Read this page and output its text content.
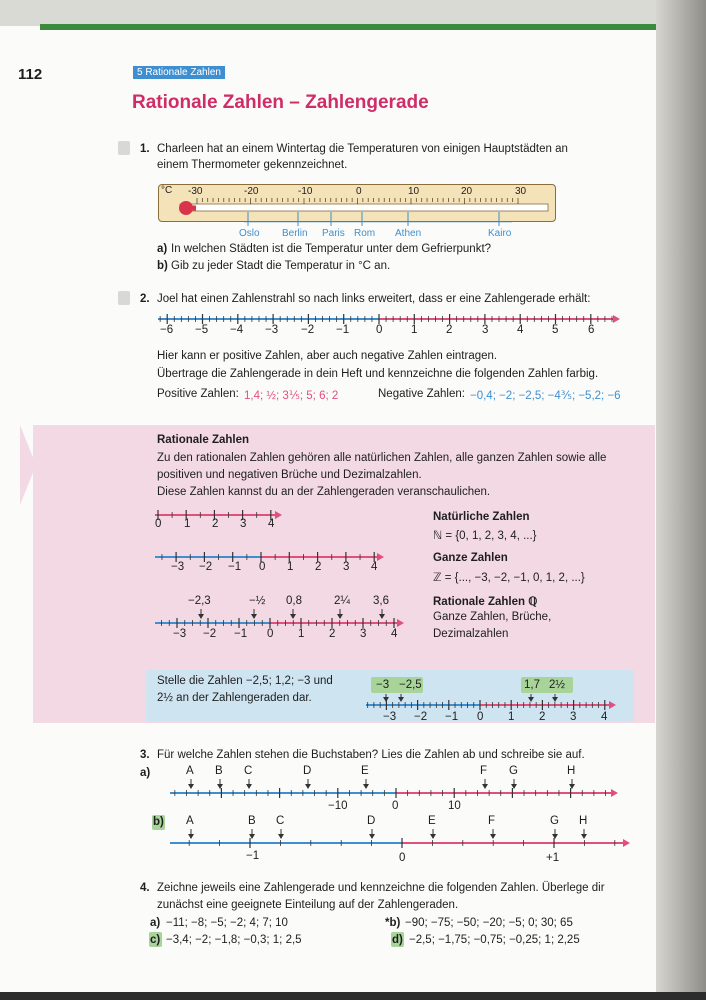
112	5 Rationale Zahlen
Rationale Zahlen – Zahlengerade
1. Charleen hat an einem Wintertag die Temperaturen von einigen Hauptstädten an
einem Thermometer gekennzeichnet.
°C -30	-20	-10	0	10	20	30
Oslo Berlin Paris Rom Athen	Kairo
a) In welchen Städten ist die Temperatur unter dem Gefrierpunkt?
b) Gib zu jeder Stadt die Temperatur in °C an.
2. Joel hat einen Zahlenstrahl so nach links erweitert, dass er eine Zahlengerade erhält:
−6 −5 −4 −3 −2 −1 0 1 2	3 4 5	6
Hier kann er positive Zahlen, aber auch negative Zahlen eintragen.
Übertrage die Zahlengerade in dein Heft und kennzeichne die folgenden Zahlen farbig.
Positive Zahlen: 1,4; ½; 3⅕; 5; 6; 2	Negative Zahlen: −0,4; −2; −2,5; −4⅗; −5,2; −6
Rationale Zahlen
Zu den rationalen Zahlen gehören alle natürlichen Zahlen, alle ganzen Zahlen sowie alle
positiven und negativen Brüche und Dezimalzahlen.
Diese Zahlen kannst du an der Zahlengeraden veranschaulichen.
0 1 2 3 4
Natürliche Zahlen
ℕ = {0, 1, 2, 3, 4, ...}
−3 −2 −1 0 1 2 3 4
Ganze Zahlen
ℤ = {..., −3, −2, −1, 0, 1, 2, ...}
−2,3	−½ 0,8	2¼ 3,6
−3 −2 −1 0 1 2 3 4
Rationale Zahlen ℚ
Ganze Zahlen, Brüche,
Dezimalzahlen
Stelle die Zahlen −2,5; 1,2; −3 und
2½ an der Zahlengeraden dar.
−3 −2,5	1,7 2½
−3 −2 −1 0 1 2 3 4
3. Für welche Zahlen stehen die Buchstaben? Lies die Zahlen ab und schreibe sie auf.
a)	A B C	D	E	F G	H
−10	0	10
b) A	B C	D	E	F	G H
−1	0	+1
4. Zeichne jeweils eine Zahlengerade und kennzeichne die folgenden Zahlen. Überlege dir
zunächst eine geeignete Einteilung auf der Zahlengeraden.
a) −11; −8; −5; −2; 4; 7; 10	*b) −90; −75; −50; −20; −5; 0; 30; 65
c) −3,4; −2; −1,8; −0,3; 1; 2,5	d) −2,5; −1,75; −0,75; −0,25; 1; 2,25
